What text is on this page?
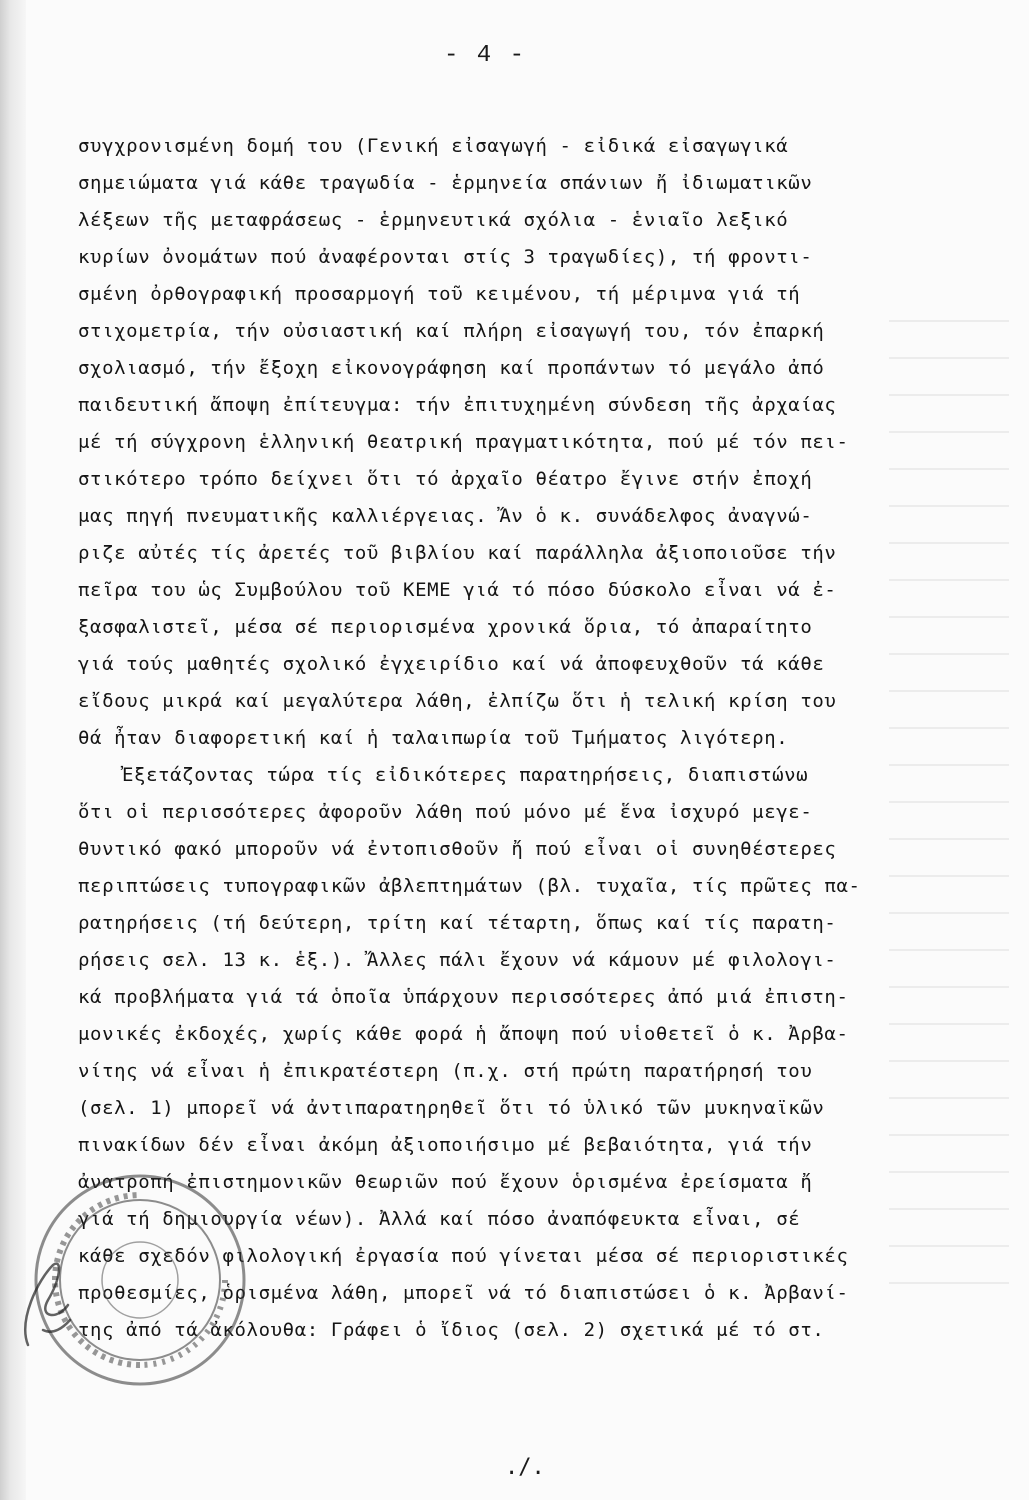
- 4 -
συγχρονισμένη δομή του (Γενική εἰσαγωγή - εἰδικά εἰσαγωγικά
σημειώματα γιά κάθε τραγωδία - ἑρμηνεία σπάνιων ἤ ἰδιωματικῶν
λέξεων τῆς μεταφράσεως - ἑρμηνευτικά σχόλια - ἑνιαῖο λεξικό
κυρίων ὀνομάτων πού ἀναφέρονται στίς 3 τραγωδίες), τή φροντι-
σμένη ὀρθογραφική προσαρμογή τοῦ κειμένου, τή μέριμνα γιά τή
στιχομετρία, τήν οὐσιαστική καί πλήρη εἰσαγωγή του, τόν ἐπαρκή
σχολιασμό, τήν ἔξοχη εἰκονογράφηση καί προπάντων τό μεγάλο ἀπό
παιδευτική ἄποψη ἐπίτευγμα: τήν ἐπιτυχημένη σύνδεση τῆς ἀρχαίας
μέ τή σύγχρονη ἑλληνική θεατρική πραγματικότητα, πού μέ τόν πει-
στικότερο τρόπο δείχνει ὅτι τό ἀρχαῖο θέατρο ἔγινε στήν ἐποχή
μας πηγή πνευματικῆς καλλιέργειας. Ἄν ὁ κ. συνάδελφος ἀναγνώ-
ριζε αὐτές τίς ἀρετές τοῦ βιβλίου καί παράλληλα ἀξιοποιοῦσε τήν
πεῖρα του ὡς Συμβούλου τοῦ ΚΕΜΕ γιά τό πόσο δύσκολο εἶναι νά ἐ-
ξασφαλιστεῖ, μέσα σέ περιορισμένα χρονικά ὅρια, τό ἀπαραίτητο
γιά τούς μαθητές σχολικό ἐγχειρίδιο καί νά ἀποφευχθοῦν τά κάθε
εἴδους μικρά καί μεγαλύτερα λάθη, ἐλπίζω ὅτι ἡ τελική κρίση του
θά ἦταν διαφορετική καί ἡ ταλαιπωρία τοῦ Τμήματος λιγότερη.
Ἐξετάζοντας τώρα τίς εἰδικότερες παρατηρήσεις, διαπιστώνω
ὅτι οἱ περισσότερες ἀφοροῦν λάθη πού μόνο μέ ἕνα ἰσχυρό μεγε-
θυντικό φακό μποροῦν νά ἐντοπισθοῦν ἤ πού εἶναι οἱ συνηθέστερες
περιπτώσεις τυπογραφικῶν ἀβλεπτημάτων (βλ. τυχαῖα, τίς πρῶτες πα-
ρατηρήσεις (τή δεύτερη, τρίτη καί τέταρτη, ὅπως καί τίς παρατη-
ρήσεις σελ. 13 κ. ἑξ.). Ἄλλες πάλι ἔχουν νά κάμουν μέ φιλολογι-
κά προβλήματα γιά τά ὁποῖα ὑπάρχουν περισσότερες ἀπό μιά ἐπιστη-
μονικές ἐκδοχές, χωρίς κάθε φορά ἡ ἄποψη πού υἱοθετεῖ ὁ κ. Ἀρβα-
νίτης νά εἶναι ἡ ἐπικρατέστερη (π.χ. στή πρώτη παρατήρησή του
(σελ. 1) μπορεῖ νά ἀντιπαρατηρηθεῖ ὅτι τό ὑλικό τῶν μυκηναϊκῶν
πινακίδων δέν εἶναι ἀκόμη ἀξιοποιήσιμο μέ βεβαιότητα, γιά τήν
ἀνατροπή ἐπιστημονικῶν θεωριῶν πού ἔχουν ὁρισμένα ἐρείσματα ἤ
γιά τή δημιουργία νέων). Ἀλλά καί πόσο ἀναπόφευκτα εἶναι, σέ
κάθε σχεδόν φιλολογική ἐργασία πού γίνεται μέσα σέ περιοριστικές
προθεσμίες, ὁρισμένα λάθη, μπορεῖ νά τό διαπιστώσει ὁ κ. Ἀρβανί-
της ἀπό τά ἀκόλουθα: Γράφει ὁ ἴδιος (σελ. 2) σχετικά μέ τό στ.
./.
